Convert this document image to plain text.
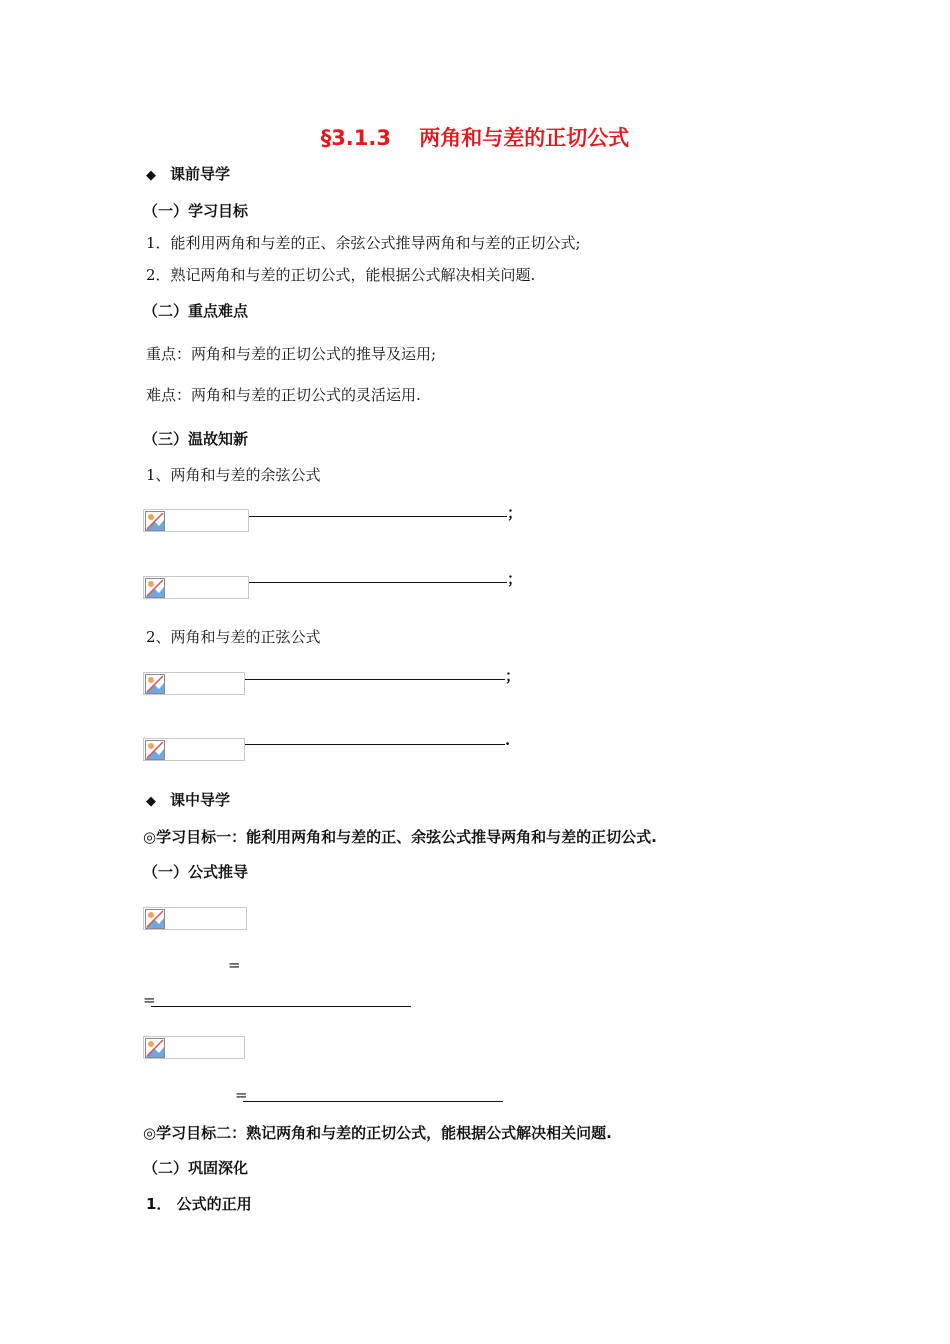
§3.1.3　 两角和与差的正切公式
◆ 课前导学
（一）学习目标
1．能利用两角和与差的正、余弦公式推导两角和与差的正切公式;
2．熟记两角和与差的正切公式，能根据公式解决相关问题.
（二）重点难点
重点：两角和与差的正切公式的推导及运用;
难点：两角和与差的正切公式的灵活运用.
（三）温故知新
1、两角和与差的余弦公式
；
；
2、两角和与差的正弦公式
；
.
◆ 课中导学
◎学习目标一：能利用两角和与差的正、余弦公式推导两角和与差的正切公式.
（一）公式推导
=
=
=
◎学习目标二：熟记两角和与差的正切公式，能根据公式解决相关问题.
（二）巩固深化
1． 公式的正用
